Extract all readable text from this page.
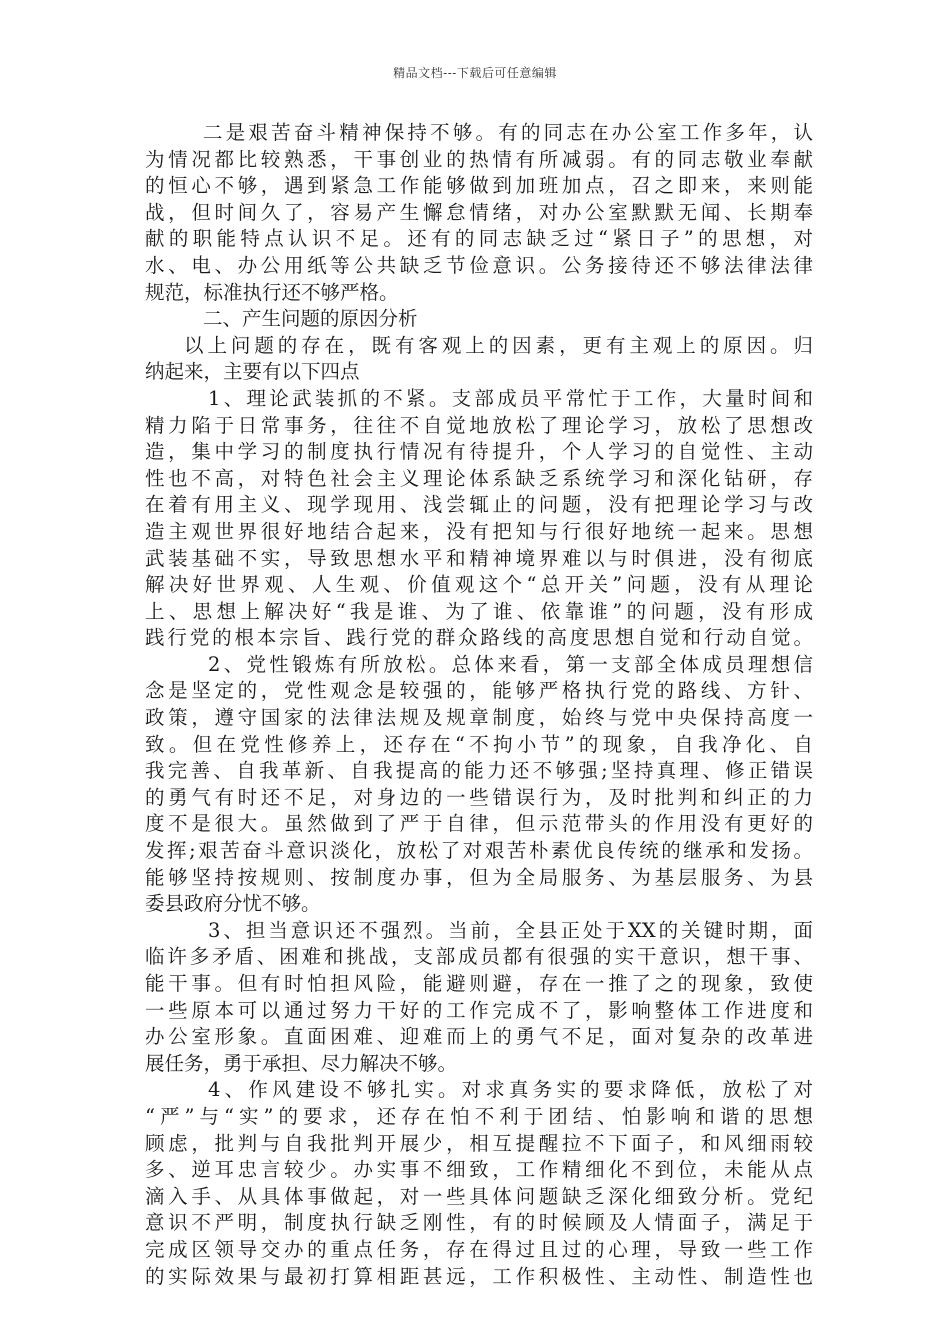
精品文档---下载后可任意编辑
二是艰苦奋斗精神保持不够。有的同志在办公室工作多年，认
为情况都比较熟悉，干事创业的热情有所减弱。有的同志敬业奉献
的恒心不够，遇到紧急工作能够做到加班加点，召之即来，来则能
战，但时间久了，容易产生懈怠情绪，对办公室默默无闻、长期奉
献的职能特点认识不足。还有的同志缺乏过“紧日子”的思想，对
水、电、办公用纸等公共缺乏节俭意识。公务接待还不够法律法律
规范，标准执行还不够严格。
二、产生问题的原因分析
以上问题的存在，既有客观上的因素，更有主观上的原因。归
纳起来，主要有以下四点
1、理论武装抓的不紧。支部成员平常忙于工作，大量时间和
精力陷于日常事务，往往不自觉地放松了理论学习，放松了思想改
造，集中学习的制度执行情况有待提升，个人学习的自觉性、主动
性也不高，对特色社会主义理论体系缺乏系统学习和深化钻研，存
在着有用主义、现学现用、浅尝辄止的问题，没有把理论学习与改
造主观世界很好地结合起来，没有把知与行很好地统一起来。思想
武装基础不实，导致思想水平和精神境界难以与时俱进，没有彻底
解决好世界观、人生观、价值观这个“总开关”问题，没有从理论
上、思想上解决好“我是谁、为了谁、依靠谁”的问题，没有形成
践行党的根本宗旨、践行党的群众路线的高度思想自觉和行动自觉。
2、党性锻炼有所放松。总体来看，第一支部全体成员理想信
念是坚定的，党性观念是较强的，能够严格执行党的路线、方针、
政策，遵守国家的法律法规及规章制度，始终与党中央保持高度一
致。但在党性修养上，还存在“不拘小节”的现象，自我净化、自
我完善、自我革新、自我提高的能力还不够强;坚持真理、修正错误
的勇气有时还不足，对身边的一些错误行为，及时批判和纠正的力
度不是很大。虽然做到了严于自律，但示范带头的作用没有更好的
发挥;艰苦奋斗意识淡化，放松了对艰苦朴素优良传统的继承和发扬。
能够坚持按规则、按制度办事，但为全局服务、为基层服务、为县
委县政府分忧不够。
3、担当意识还不强烈。当前，全县正处于XX的关键时期，面
临许多矛盾、困难和挑战，支部成员都有很强的实干意识，想干事、
能干事。但有时怕担风险，能避则避，存在一推了之的现象，致使
一些原本可以通过努力干好的工作完成不了，影响整体工作进度和
办公室形象。直面困难、迎难而上的勇气不足，面对复杂的改革进
展任务，勇于承担、尽力解决不够。
4、作风建设不够扎实。对求真务实的要求降低，放松了对
“严”与“实”的要求，还存在怕不利于团结、怕影响和谐的思想
顾虑，批判与自我批判开展少，相互提醒拉不下面子，和风细雨较
多、逆耳忠言较少。办实事不细致，工作精细化不到位，未能从点
滴入手、从具体事做起，对一些具体问题缺乏深化细致分析。党纪
意识不严明，制度执行缺乏刚性，有的时候顾及人情面子，满足于
完成区领导交办的重点任务，存在得过且过的心理，导致一些工作
的实际效果与最初打算相距甚远，工作积极性、主动性、制造性也
